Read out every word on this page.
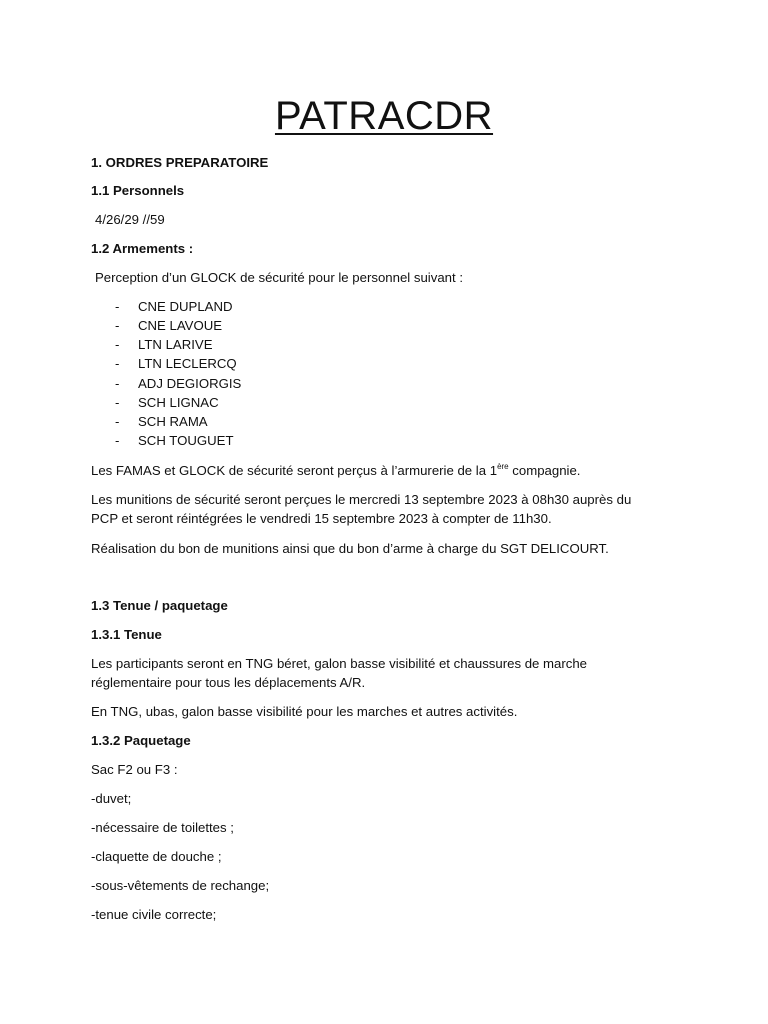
PATRACDR
1. ORDRES PREPARATOIRE
1.1 Personnels
4/26/29 //59
1.2 Armements :
Perception d’un GLOCK de sécurité pour le personnel suivant :
- CNE DUPLAND
- CNE LAVOUE
- LTN LARIVE
- LTN LECLERCQ
- ADJ DEGIORGIS
- SCH LIGNAC
- SCH RAMA
- SCH TOUGUET
Les FAMAS et GLOCK de sécurité seront perçus à l’armurerie de la 1ère compagnie.
Les munitions de sécurité seront perçues le mercredi 13 septembre 2023 à 08h30 auprès du
PCP et seront réintégrées le vendredi 15 septembre 2023 à compter de 11h30.
Réalisation du bon de munitions ainsi que du bon d’arme à charge du SGT DELICOURT.
1.3 Tenue / paquetage
1.3.1 Tenue
Les participants seront en TNG béret, galon basse visibilité et chaussures de marche
réglementaire pour tous les déplacements A/R.
En TNG, ubas, galon basse visibilité pour les marches et autres activités.
1.3.2 Paquetage
Sac F2 ou F3 :
-duvet;
-nécessaire de toilettes ;
-claquette de douche ;
-sous-vêtements de rechange;
-tenue civile correcte;
